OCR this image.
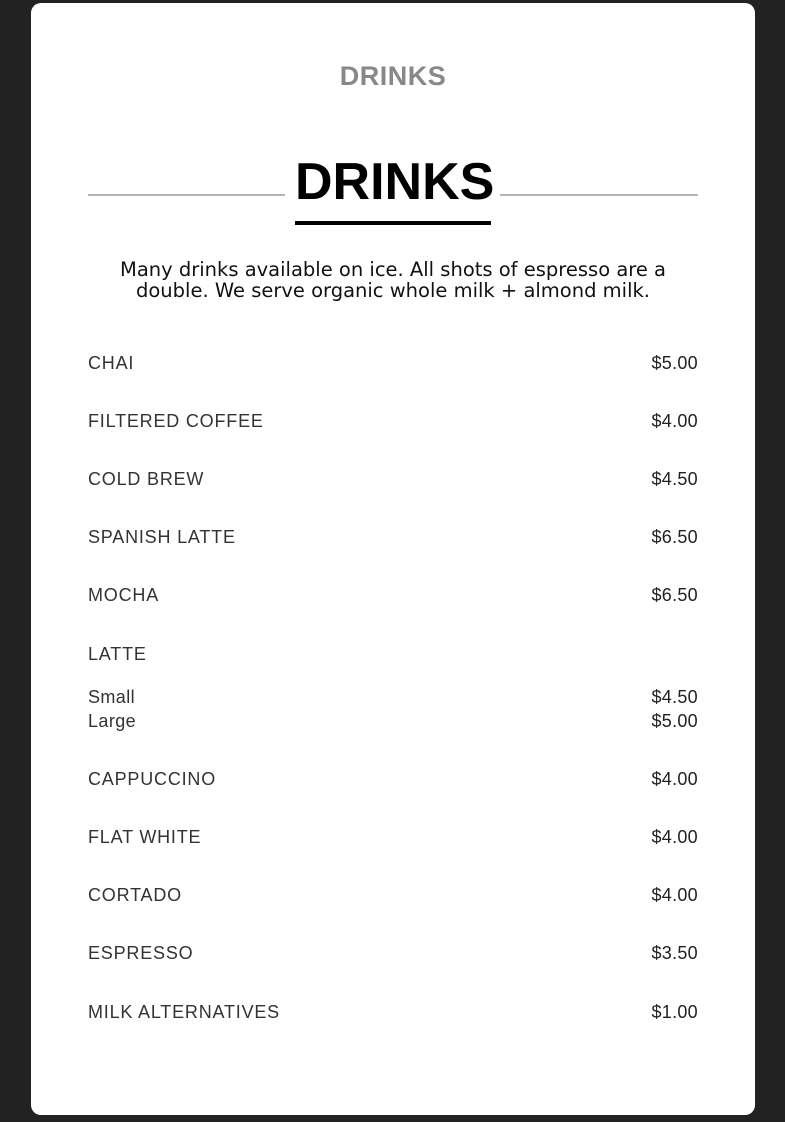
DRINKS
DRINKS
Many drinks available on ice. All shots of espresso are a double. We serve organic whole milk + almond milk.
CHAI	$5.00
FILTERED COFFEE	$4.00
COLD BREW	$4.50
SPANISH LATTE	$6.50
MOCHA	$6.50
LATTE
Small	$4.50
Large	$5.00
CAPPUCCINO	$4.00
FLAT WHITE	$4.00
CORTADO	$4.00
ESPRESSO	$3.50
MILK ALTERNATIVES	$1.00
